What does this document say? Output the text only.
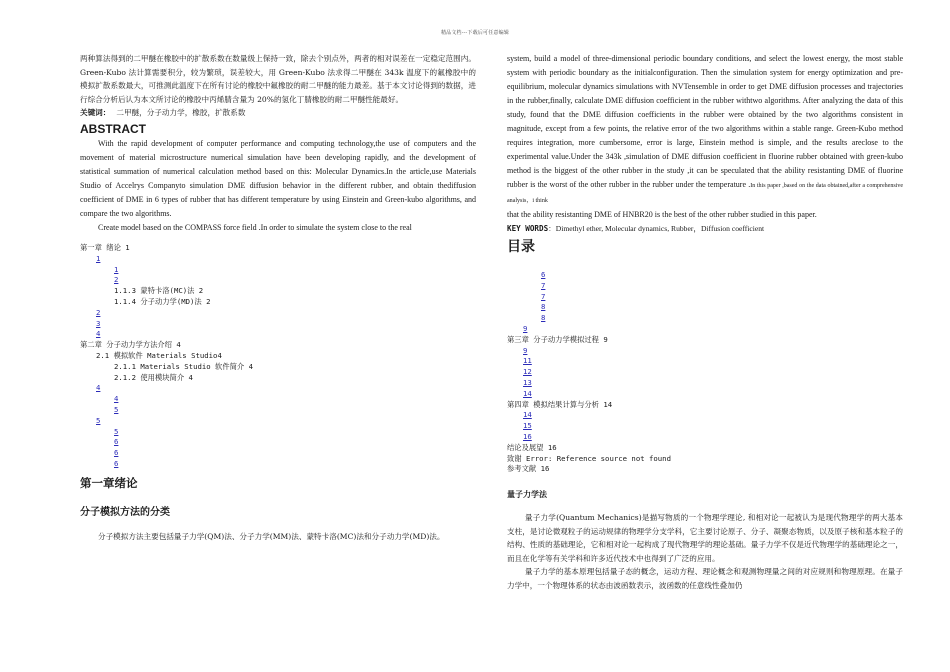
精品文档---下载后可任意编辑

两种算法得到的二甲醚在橡胶中的扩散系数在数量级上保持一致，除去个别点外，两者的相对误差在一定稳定范围内。Green-Kubo 法计算需要积分，较为繁琐，误差较大，用 Green-Kubo 法求得二甲醚在 343k 温度下的氟橡胶中的模拟扩散系数最大，可推测此温度下在所有讨论的橡胶中氟橡胶的耐二甲醚的能力最差。基于本文讨论得到的数据，进行综合分析后认为本文所讨论的橡胶中丙烯腈含量为 20%的氢化丁腈橡胶的耐二甲醚性能最好。

关键词： 二甲醚，分子动力学，橡胶，扩散系数

ABSTRACT

With the rapid development of computer performance and computing technology,the use of computers and the movement of material microstructure numerical simulation have been developing rapidly, and the development of statistical summation of numerical calculation method based on this: Molecular Dynamics.In the article,use Materials Studio of Accelrys Companyto simulation DME diffusion behavior in the different rubber, and obtain thediffusion coefficient of DME in 6 types of rubber that has different temperature by using Einstein and Green-kubo algorithms, and compare the two algorithms.

Create model based on the COMPASS force field .In order to simulate the system close to the real

第一章 绪论 1
1
1
2
1.1.3 蒙特卡洛(MC)法 2
1.1.4 分子动力学(MD)法 2
2
3
4
第二章 分子动力学方法介绍 4
2.1 模拟软件 Materials Studio4
2.1.1 Materials Studio 软件简介 4
2.1.2 使用模块简介 4
4
4
5
5
5
6
6
6
第一章绪论
分子模拟方法的分类

分子模拟方法主要包括量子力学(QM)法、分子力学(MM)法、蒙特卡洛(MC)法和分子动力学(MD)法。

system, build a model of three-dimensional periodic boundary conditions, and select the lowest energy, the most stable system with periodic boundary as the initialconfiguration. Then the simulation system for energy optimization and pre-equilibrium, molecular dynamics simulations with NVTensemble in order to get DME diffusion processes and trajectories in the rubber,finally, calculate DME diffusion coefficient in the rubber withtwo algorithms. After analyzing the data of this study, found that the DME diffusion coefficients in the rubber were obtained by the two algorithms consistent in magnitude, except from a few points, the relative error of the two algorithms within a stable range. Green-Kubo method requires integration, more cumbersome, error is large, Einstein method is simple, and the results areclose to the experimental value.Under the 343k ,simulation of DME diffusion coefficient in fluorine rubber obtained with green-kubo method is the biggest of the other rubber in the study ,it can be speculated that the ability resistanting DME of fluorine rubber is the worst of the other rubber in the rubber under the temperature .In this paper ,based on the data obtained,after a comprehensive analysis，i think
that the ability resistanting DME of HNBR20 is the best of the other rubber studied in this paper.

KEY WORDS：Dimethyl ether, Molecular dynamics, Rubber，Diffusion coefficient

目录
6
7
7
8
8
9
第三章 分子动力学模拟过程 9
9
11
12
13
14
第四章 模拟结果计算与分析 14
14
15
16
结论及展望 16
致谢 Error: Reference source not found
参考文献 16
量子力学法

量子力学(Quantum Mechanics)是描写物质的一个物理学理论, 和相对论一起被认为是现代物理学的两大基本支柱，是讨论微观粒子的运动规律的物理学分支学科，它主要讨论原子、分子、凝聚态物质，以及原子核和基本粒子的结构、性质的基础理论，它和相对论一起构成了现代物理学的理论基础。量子力学不仅是近代物理学的基础理论之一，而且在化学等有关学科和许多近代技术中也得到了广泛的应用。

量子力学的基本原理包括量子态的概念，运动方程、理论概念和观测物理量之间的对应规则和物理原理。在量子力学中，一个物理体系的状态由波函数表示，波函数的任意线性叠加仍
